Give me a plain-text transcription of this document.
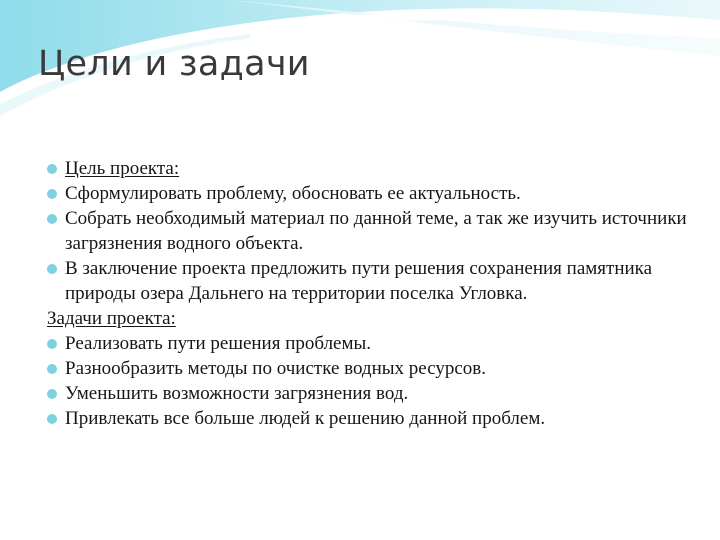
Цели и задачи
Цель проекта:
Сформулировать проблему, обосновать ее актуальность.
Собрать необходимый материал по данной теме, а так же изучить источники загрязнения водного объекта.
В заключение проекта предложить пути решения сохранения памятника природы озера Дальнего на территории поселка Угловка.
Задачи проекта:
Реализовать пути решения проблемы.
Разнообразить методы по очистке водных ресурсов.
Уменьшить возможности загрязнения вод.
Привлекать все больше людей к решению данной проблем.
